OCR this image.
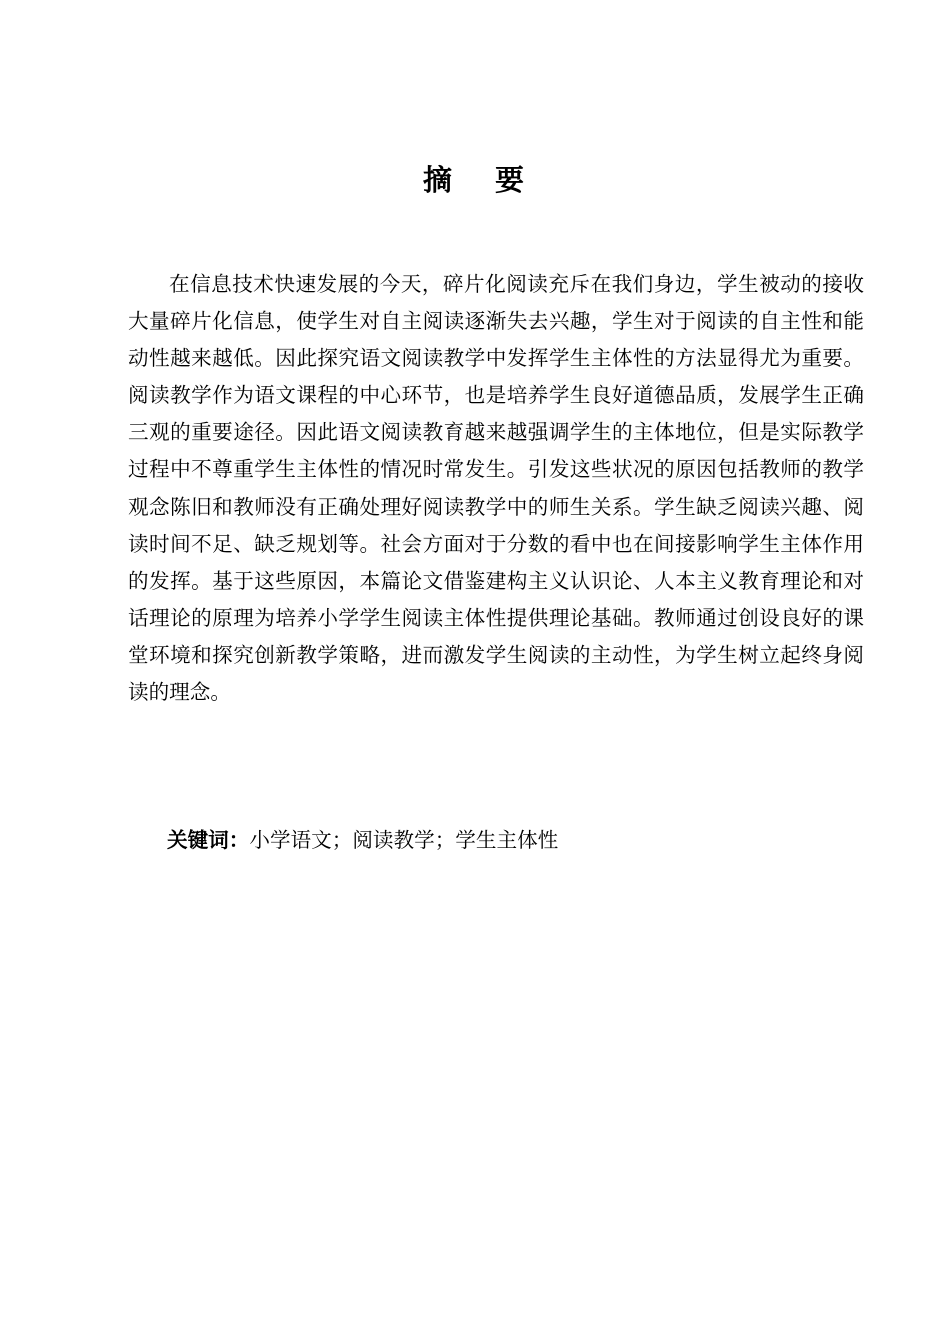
摘要

在信息技术快速发展的今天，碎片化阅读充斥在我们身边，学生被动的接收大量碎片化信息，使学生对自主阅读逐渐失去兴趣，学生对于阅读的自主性和能动性越来越低。因此探究语文阅读教学中发挥学生主体性的方法显得尤为重要。阅读教学作为语文课程的中心环节，也是培养学生良好道德品质，发展学生正确三观的重要途径。因此语文阅读教育越来越强调学生的主体地位，但是实际教学过程中不尊重学生主体性的情况时常发生。引发这些状况的原因包括教师的教学观念陈旧和教师没有正确处理好阅读教学中的师生关系。学生缺乏阅读兴趣、阅读时间不足、缺乏规划等。社会方面对于分数的看中也在间接影响学生主体作用的发挥。基于这些原因，本篇论文借鉴建构主义认识论、人本主义教育理论和对话理论的原理为培养小学学生阅读主体性提供理论基础。教师通过创设良好的课堂环境和探究创新教学策略，进而激发学生阅读的主动性，为学生树立起终身阅读的理念。

关键词：小学语文；阅读教学；学生主体性
